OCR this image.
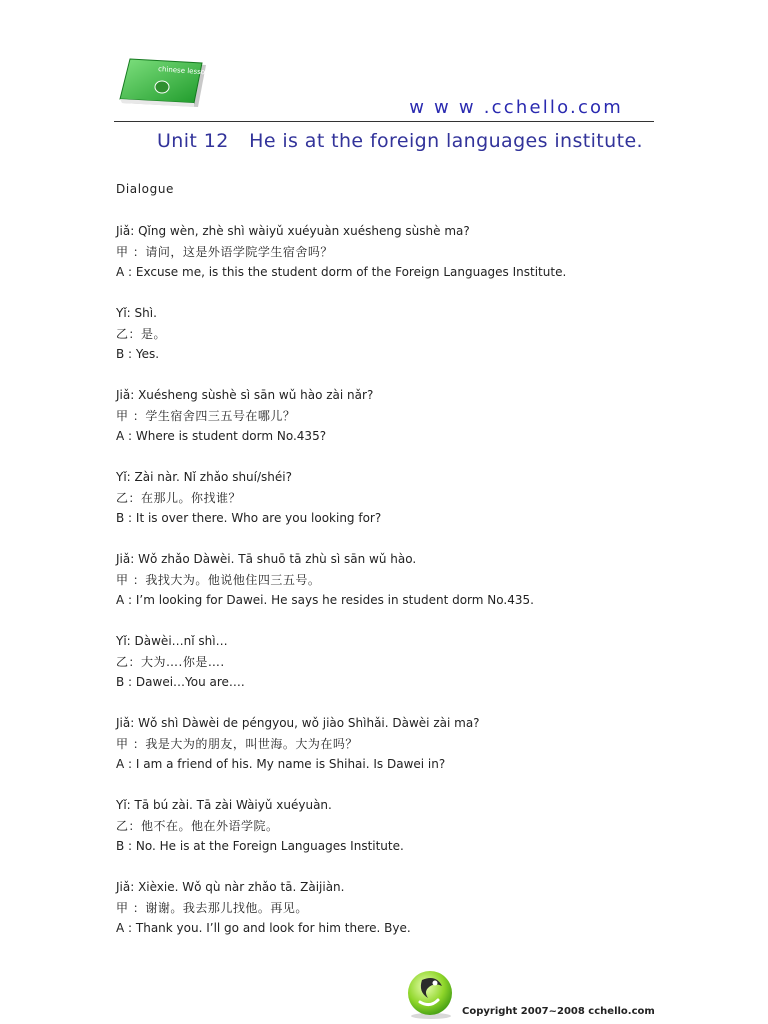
chinese lesson
w w w .cchello.com
Unit 12 He is at the foreign languages institute.
Dialogue
Jiǎ: Qǐng wèn, zhè shì wàiyǔ xuéyuàn xuésheng sùshè ma?
甲 ：请问，这是外语学院学生宿舍吗？
A : Excuse me, is this the student dorm of the Foreign Languages Institute.
Yǐ: Shì.
乙：是。
B : Yes.
Jiǎ: Xuésheng sùshè sì sān wǔ hào zài nǎr?
甲 ：学生宿舍四三五号在哪儿？
A : Where is student dorm No.435?
Yǐ: Zài nàr. Nǐ zhǎo shuí/shéi?
乙：在那儿。你找谁？
B : It is over there. Who are you looking for?
Jiǎ: Wǒ zhǎo Dàwèi. Tā shuō tā zhù sì sān wǔ hào.
甲 ：我找大为。他说他住四三五号。
A : I’m looking for Dawei. He says he resides in student dorm No.435.
Yǐ: Dàwèi…nǐ shì…
乙：大为….你是….
B : Dawei…You are….
Jiǎ: Wǒ shì Dàwèi de péngyou, wǒ jiào Shìhǎi. Dàwèi zài ma?
甲 ：我是大为的朋友，叫世海。大为在吗？
A : I am a friend of his. My name is Shihai. Is Dawei in?
Yǐ: Tā bú zài. Tā zài Wàiyǔ xuéyuàn.
乙：他不在。他在外语学院。
B : No. He is at the Foreign Languages Institute.
Jiǎ: Xièxie. Wǒ qù nàr zhǎo tā. Zàijiàn.
甲 ：谢谢。我去那儿找他。再见。
A : Thank you. I’ll go and look for him there. Bye.
Copyright 2007~2008 cchello.com
